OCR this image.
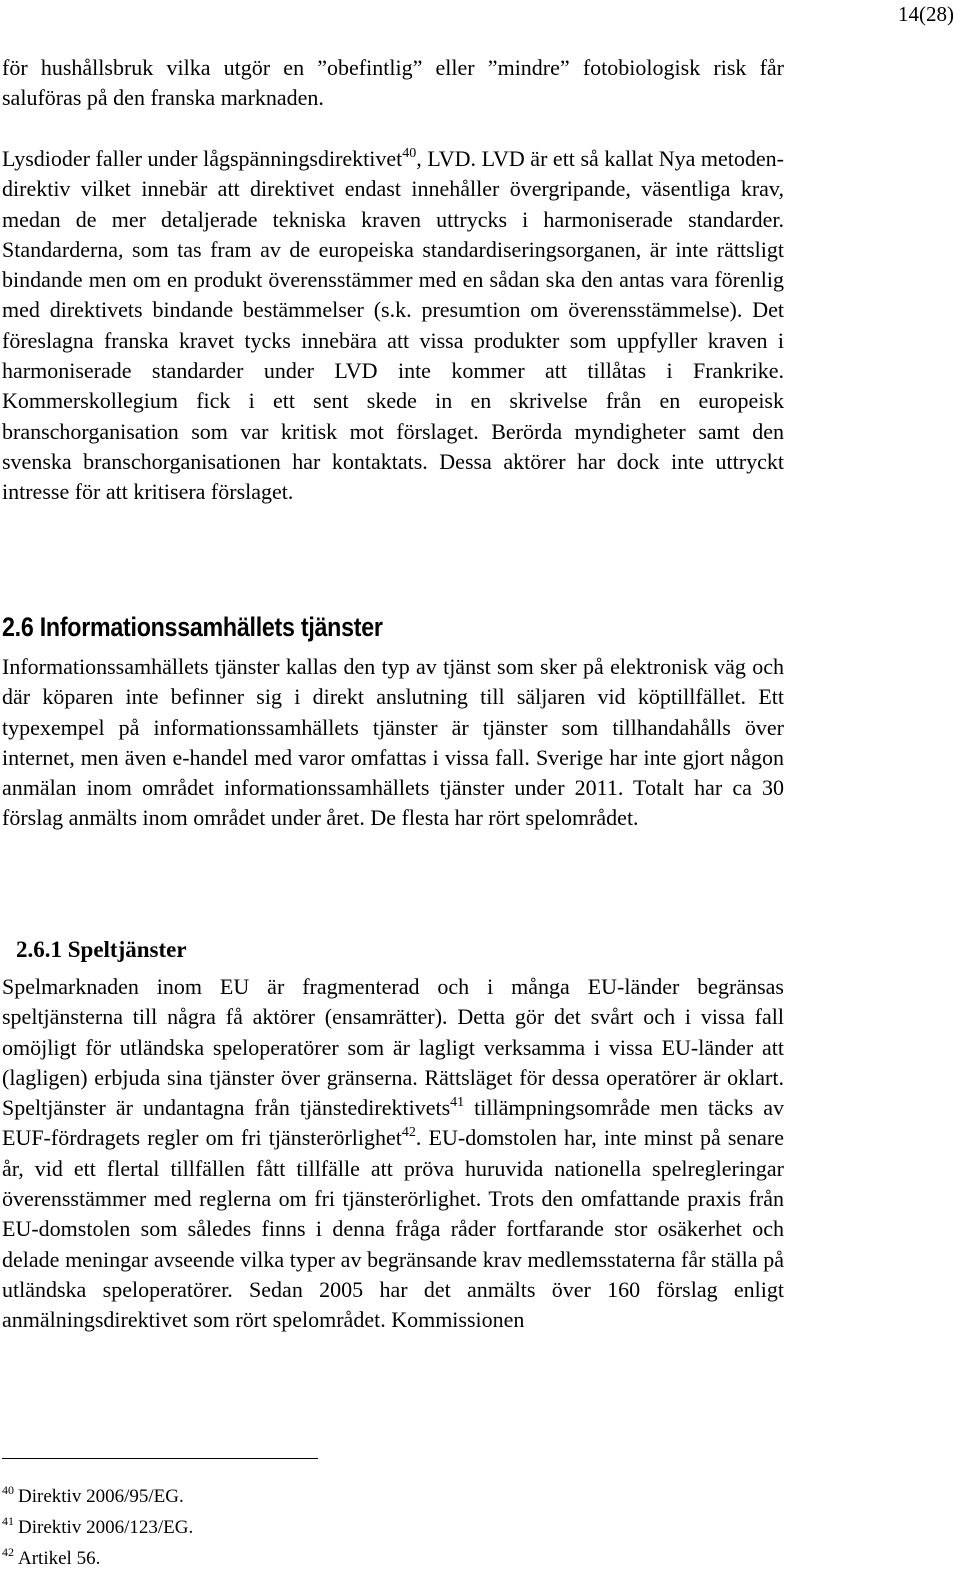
14(28)

för hushållsbruk vilka utgör en ”obefintlig” eller ”mindre” fotobiologisk risk får saluföras på den franska marknaden.

Lysdioder faller under lågspänningsdirektivet$^{40}$, LVD. LVD är ett så kallat Nya metoden-direktiv vilket innebär att direktivet endast innehåller övergripande, väsentliga krav, medan de mer detaljerade tekniska kraven uttrycks i harmoniserade standarder. Standarderna, som tas fram av de europeiska standardiseringsorganen, är inte rättsligt bindande men om en produkt överensstämmer med en sådan ska den antas vara förenlig med direktivets bindande bestämmelser (s.k. presumtion om överensstämmelse). Det föreslagna franska kravet tycks innebära att vissa produkter som uppfyller kraven i harmoniserade standarder under LVD inte kommer att tillåtas i Frankrike. Kommerskollegium fick i ett sent skede in en skrivelse från en europeisk branschorganisation som var kritisk mot förslaget. Berörda myndigheter samt den svenska branschorganisationen har kontaktats. Dessa aktörer har dock inte uttryckt intresse för att kritisera förslaget.

2.6 Informationssamhällets tjänster

Informationssamhällets tjänster kallas den typ av tjänst som sker på elektronisk väg och där köparen inte befinner sig i direkt anslutning till säljaren vid köptillfället. Ett typexempel på informationssamhällets tjänster är tjänster som tillhandahålls över internet, men även e-handel med varor omfattas i vissa fall. Sverige har inte gjort någon anmälan inom området informationssamhällets tjänster under 2011. Totalt har ca 30 förslag anmälts inom området under året. De flesta har rört spelområdet.

2.6.1 Speltjänster

Spelmarknaden inom EU är fragmenterad och i många EU-länder begränsas speltjänsterna till några få aktörer (ensamrätter). Detta gör det svårt och i vissa fall omöjligt för utländska speloperatörer som är lagligt verksamma i vissa EU-länder att (lagligen) erbjuda sina tjänster över gränserna. Rättsläget för dessa operatörer är oklart. Speltjänster är undantagna från tjänstedirektivets$^{41}$ tillämpningsområde men täcks av EUF-fördragets regler om fri tjänsterörlighet$^{42}$. EU-domstolen har, inte minst på senare år, vid ett flertal tillfällen fått tillfälle att pröva huruvida nationella spelregleringar överensstämmer med reglerna om fri tjänsterörlighet. Trots den omfattande praxis från EU-domstolen som således finns i denna fråga råder fortfarande stor osäkerhet och delade meningar avseende vilka typer av begränsande krav medlemsstaterna får ställa på utländska speloperatörer. Sedan 2005 har det anmälts över 160 förslag enligt anmälningsdirektivet som rört spelområdet. Kommissionen

$^{40}$ Direktiv 2006/95/EG.
$^{41}$ Direktiv 2006/123/EG.
$^{42}$ Artikel 56.
